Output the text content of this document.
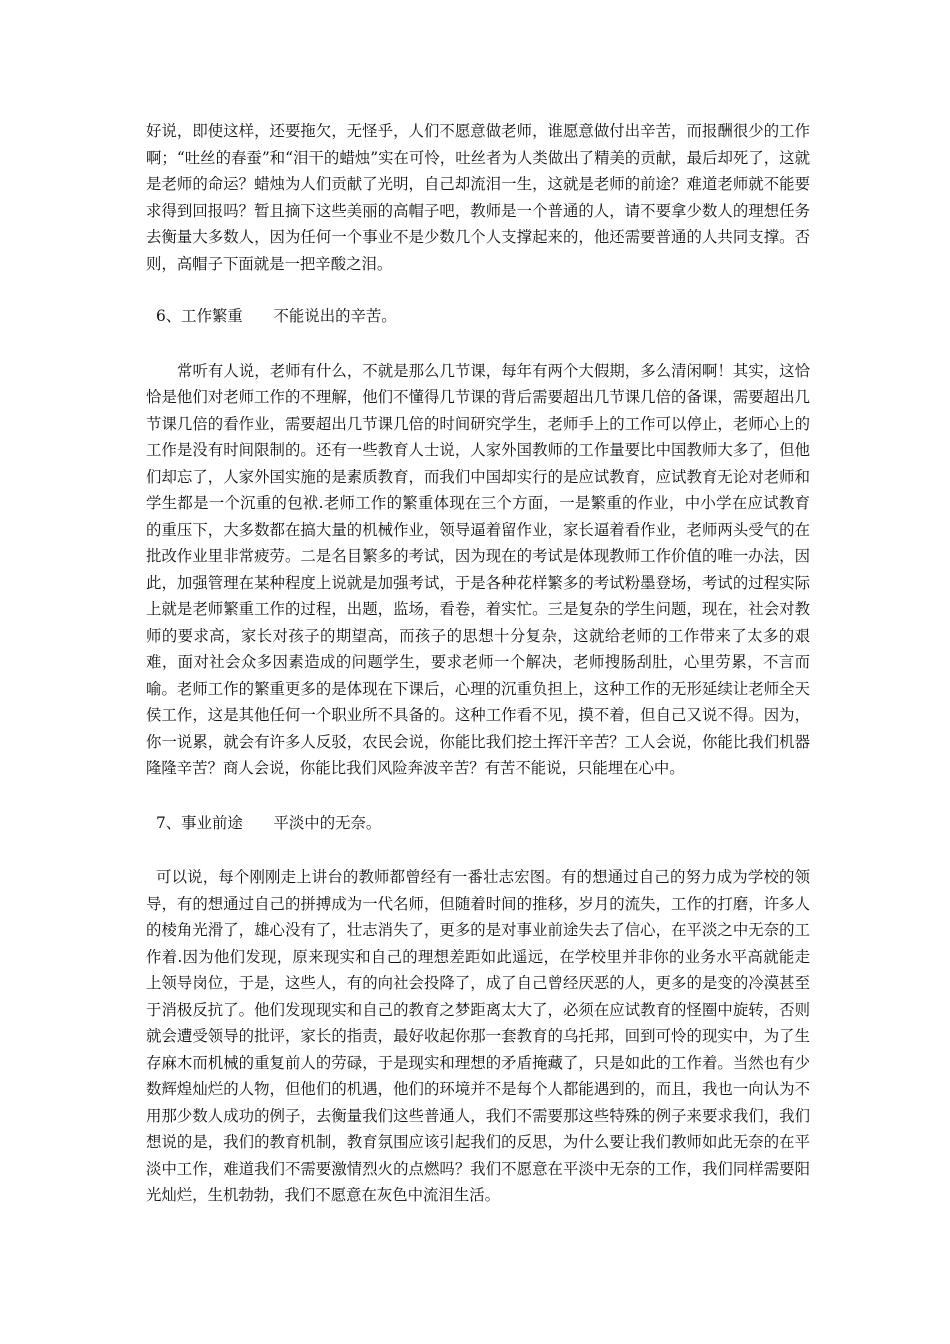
好说，即使这样，还要拖欠，无怪乎，人们不愿意做老师，谁愿意做付出辛苦，而报酬很少的工作啊；“吐丝的春蚕”和“泪干的蜡烛”实在可怜，吐丝者为人类做出了精美的贡献，最后却死了，这就是老师的命运？蜡烛为人们贡献了光明，自己却流泪一生，这就是老师的前途？难道老师就不能要求得到回报吗？暂且摘下这些美丽的高帽子吧，教师是一个普通的人，请不要拿少数人的理想任务去衡量大多数人，因为任何一个事业不是少数几个人支撑起来的，他还需要普通的人共同支撑。否则，高帽子下面就是一把辛酸之泪。

6、工作繁重　　不能说出的辛苦。

常听有人说，老师有什么，不就是那么几节课，每年有两个大假期，多么清闲啊！其实，这恰恰是他们对老师工作的不理解，他们不懂得几节课的背后需要超出几节课几倍的备课，需要超出几节课几倍的看作业，需要超出几节课几倍的时间研究学生，老师手上的工作可以停止，老师心上的工作是没有时间限制的。还有一些教育人士说，人家外国教师的工作量要比中国教师大多了，但他们却忘了，人家外国实施的是素质教育，而我们中国却实行的是应试教育，应试教育无论对老师和学生都是一个沉重的包袱.老师工作的繁重体现在三个方面，一是繁重的作业，中小学在应试教育的重压下，大多数都在搞大量的机械作业，领导逼着留作业，家长逼着看作业，老师两头受气的在批改作业里非常疲劳。二是名目繁多的考试，因为现在的考试是体现教师工作价值的唯一办法，因此，加强管理在某种程度上说就是加强考试，于是各种花样繁多的考试粉墨登场，考试的过程实际上就是老师繁重工作的过程，出题，监场，看卷，着实忙。三是复杂的学生问题，现在，社会对教师的要求高，家长对孩子的期望高，而孩子的思想十分复杂，这就给老师的工作带来了太多的艰难，面对社会众多因素造成的问题学生，要求老师一个解决，老师搜肠刮肚，心里劳累，不言而喻。老师工作的繁重更多的是体现在下课后，心理的沉重负担上，这种工作的无形延续让老师全天侯工作，这是其他任何一个职业所不具备的。这种工作看不见，摸不着，但自己又说不得。因为，你一说累，就会有许多人反驳，农民会说，你能比我们挖土挥汗辛苦？工人会说，你能比我们机器隆隆辛苦？商人会说，你能比我们风险奔波辛苦？有苦不能说，只能埋在心中。

7、事业前途　　平淡中的无奈。

可以说，每个刚刚走上讲台的教师都曾经有一番壮志宏图。有的想通过自己的努力成为学校的领导，有的想通过自己的拼搏成为一代名师，但随着时间的推移，岁月的流失，工作的打磨，许多人的棱角光滑了，雄心没有了，壮志消失了，更多的是对事业前途失去了信心，在平淡之中无奈的工作着.因为他们发现，原来现实和自己的理想差距如此遥远，在学校里并非你的业务水平高就能走上领导岗位，于是，这些人，有的向社会投降了，成了自己曾经厌恶的人，更多的是变的冷漠甚至于消极反抗了。他们发现现实和自己的教育之梦距离太大了，必须在应试教育的怪圈中旋转，否则就会遭受领导的批评，家长的指责，最好收起你那一套教育的乌托邦，回到可怜的现实中，为了生存麻木而机械的重复前人的劳碌，于是现实和理想的矛盾掩藏了，只是如此的工作着。当然也有少数辉煌灿烂的人物，但他们的机遇，他们的环境并不是每个人都能遇到的，而且，我也一向认为不用那少数人成功的例子，去衡量我们这些普通人，我们不需要那这些特殊的例子来要求我们，我们想说的是，我们的教育机制，教育氛围应该引起我们的反思，为什么要让我们教师如此无奈的在平淡中工作，难道我们不需要激情烈火的点燃吗？我们不愿意在平淡中无奈的工作，我们同样需要阳光灿烂，生机勃勃，我们不愿意在灰色中流泪生活。
